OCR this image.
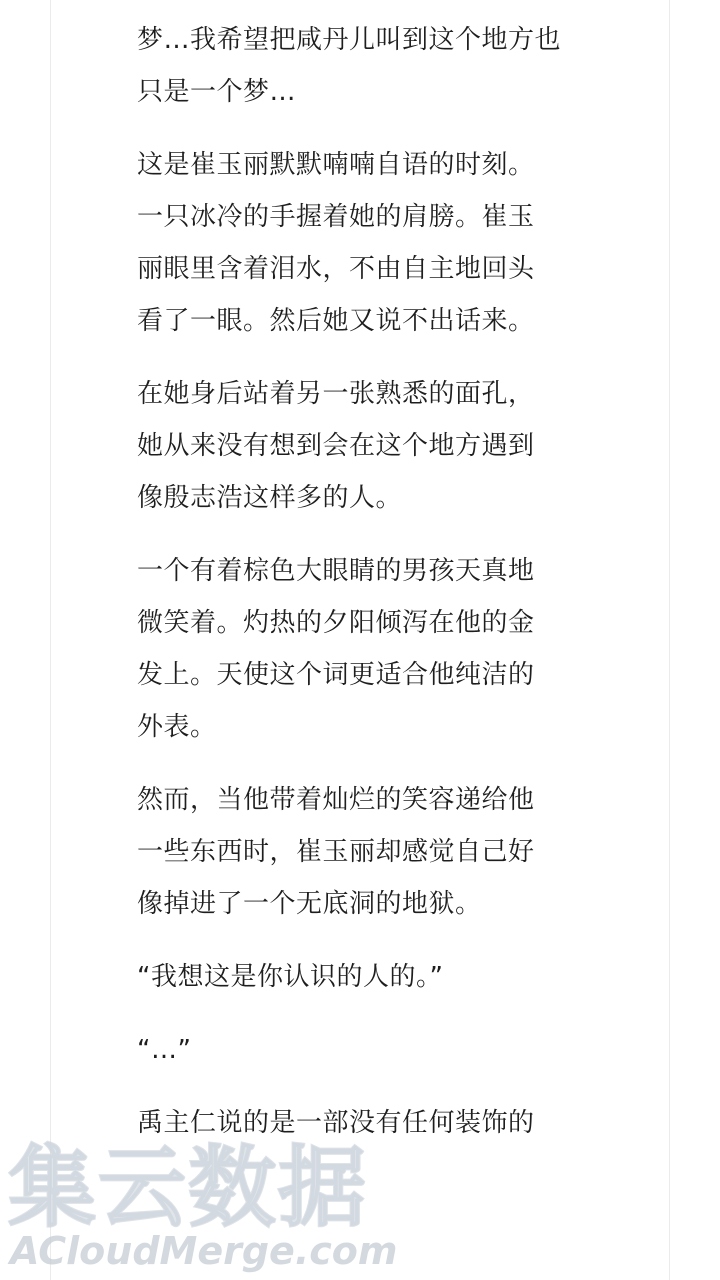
梦…我希望把咸丹儿叫到这个地方也
只是一个梦…

这是崔玉丽默默喃喃自语的时刻。
一只冰冷的手握着她的肩膀。崔玉
丽眼里含着泪水，不由自主地回头
看了一眼。然后她又说不出话来。

在她身后站着另一张熟悉的面孔，
她从来没有想到会在这个地方遇到
像殷志浩这样多的人。

一个有着棕色大眼睛的男孩天真地
微笑着。灼热的夕阳倾泻在他的金
发上。天使这个词更适合他纯洁的
外表。

然而，当他带着灿烂的笑容递给他
一些东西时，崔玉丽却感觉自己好
像掉进了一个无底洞的地狱。

“我想这是你认识的人的。”

“…”

禹主仁说的是一部没有任何装饰的

集云数据
ACloudMerge.com
